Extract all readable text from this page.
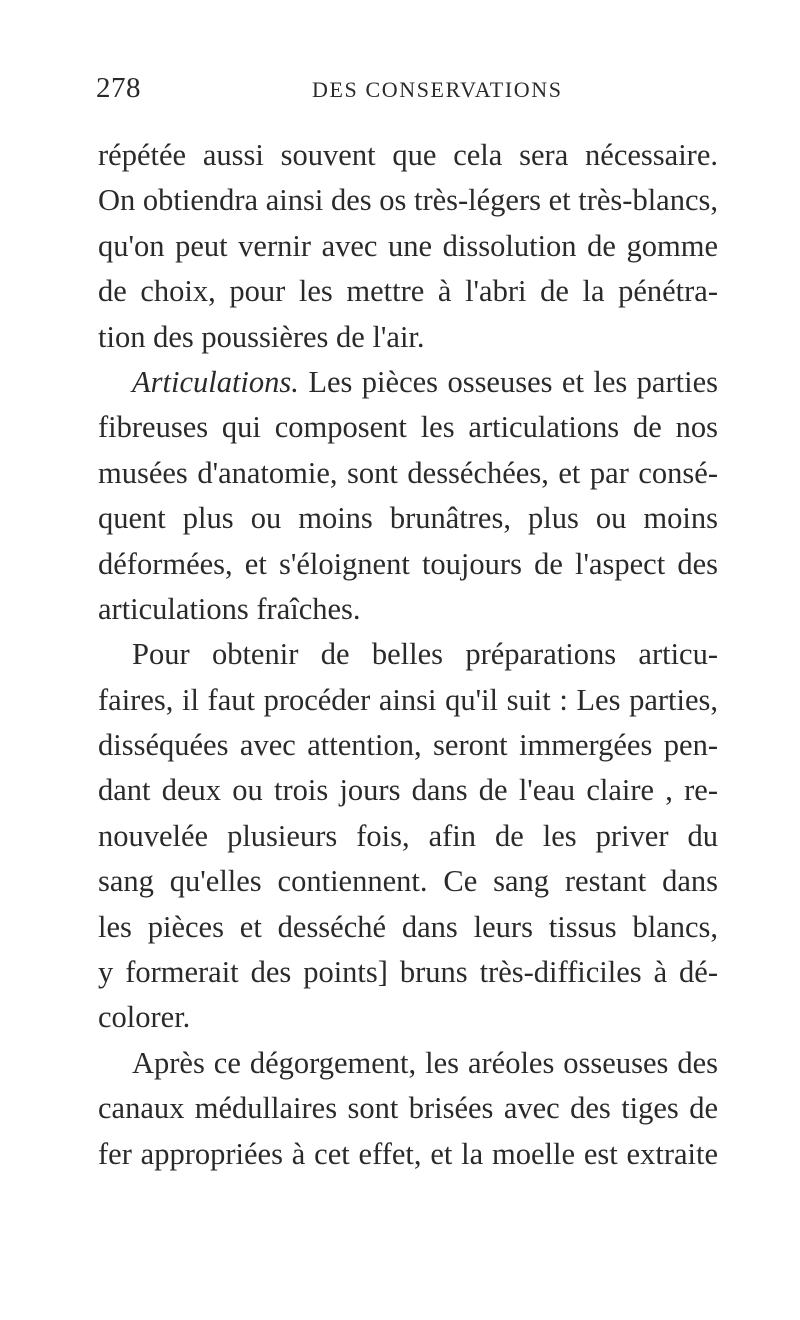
278	DES CONSERVATIONS
répétée aussi souvent que cela sera nécessaire.
On obtiendra ainsi des os très-légers et très-blancs,
qu'on peut vernir avec une dissolution de gomme
de choix, pour les mettre à l'abri de la pénétra-
tion des poussières de l'air.
Articulations. Les pièces osseuses et les parties
fibreuses qui composent les articulations de nos
musées d'anatomie, sont desséchées, et par consé-
quent plus ou moins brunâtres, plus ou moins
déformées, et s'éloignent toujours de l'aspect des
articulations fraîches.
Pour obtenir de belles préparations articu-
faires, il faut procéder ainsi qu'il suit : Les parties,
disséquées avec attention, seront immergées pen-
dant deux ou trois jours dans de l'eau claire , re-
nouvelée plusieurs fois, afin de les priver du
sang qu'elles contiennent. Ce sang restant dans
les pièces et desséché dans leurs tissus blancs,
y formerait des points] bruns très-difficiles à dé-
colorer.
Après ce dégorgement, les aréoles osseuses des
canaux médullaires sont brisées avec des tiges de
fer appropriées à cet effet, et la moelle est extraite
